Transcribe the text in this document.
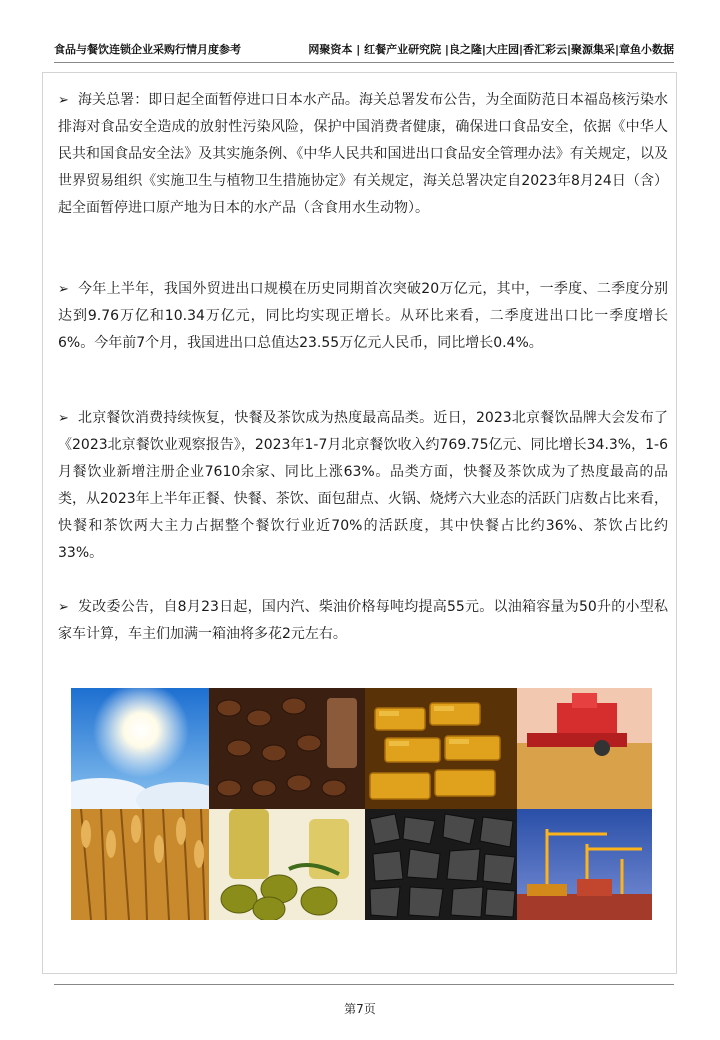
食品与餐饮连锁企业采购行情月度参考	网聚资本 | 红餐产业研究院 |良之隆|大庄园|香汇彩云|聚源集采|章鱼小数据
➢ 海关总署：即日起全面暂停进口日本水产品。海关总署发布公告，为全面防范日本福岛核污染水排海对食品安全造成的放射性污染风险，保护中国消费者健康，确保进口食品安全，依据《中华人民共和国食品安全法》及其实施条例、《中华人民共和国进出口食品安全管理办法》有关规定，以及世界贸易组织《实施卫生与植物卫生措施协定》有关规定，海关总署决定自2023年8月24日（含）起全面暂停进口原产地为日本的水产品（含食用水生动物）。
➢ 今年上半年，我国外贸进出口规模在历史同期首次突破20万亿元，其中，一季度、二季度分别达到9.76万亿和10.34万亿元，同比均实现正增长。从环比来看，二季度进出口比一季度增长6%。今年前7个月，我国进出口总值达23.55万亿元人民币，同比增长0.4%。
➢ 北京餐饮消费持续恢复，快餐及茶饮成为热度最高品类。近日，2023北京餐饮品牌大会发布了《2023北京餐饮业观察报告》，2023年1-7月北京餐饮收入约769.75亿元、同比增长34.3%，1-6月餐饮业新增注册企业7610余家、同比上涨63%。品类方面，快餐及茶饮成为了热度最高的品类，从2023年上半年正餐、快餐、茶饮、面包甜点、火锅、烧烤六大业态的活跃门店数占比来看，快餐和茶饮两大主力占据整个餐饮行业近70%的活跃度，其中快餐占比约36%、茶饮占比约33%。
➢ 发改委公告，自8月23日起，国内汽、柴油价格每吨均提高55元。以油箱容量为50升的小型私家车计算，车主们加满一箱油将多花2元左右。
第7页
